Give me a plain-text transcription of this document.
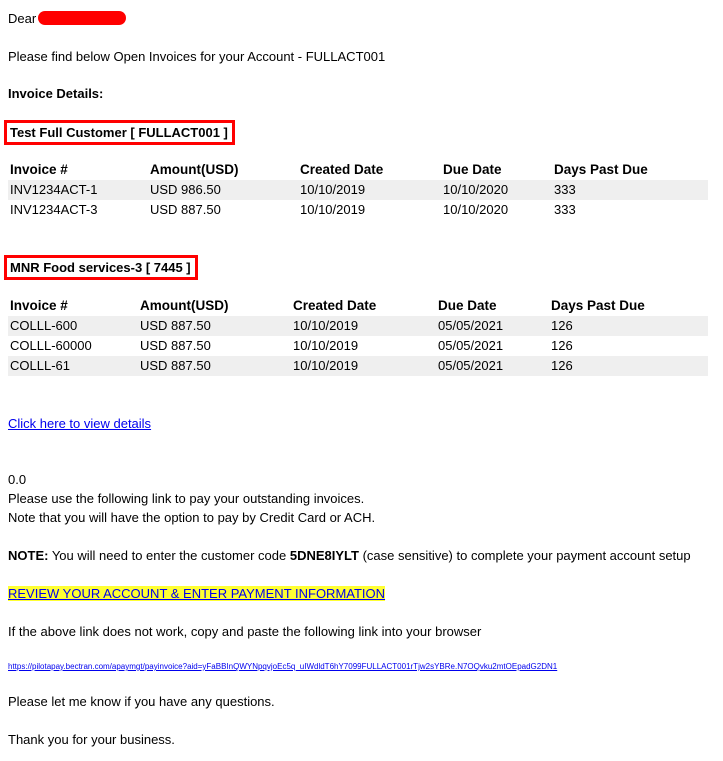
Dear
Please find below Open Invoices for your Account - FULLACT001
Invoice Details:
Test Full Customer [ FULLACT001 ]
Invoice #	Amount(USD)	Created Date	Due Date	Days Past Due
INV1234ACT-1	USD 986.50	10/10/2019	10/10/2020	333
INV1234ACT-3	USD 887.50	10/10/2019	10/10/2020	333
MNR Food services-3 [ 7445 ]
Invoice #	Amount(USD)	Created Date	Due Date	Days Past Due
COLLL-600	USD 887.50	10/10/2019	05/05/2021	126
COLLL-60000	USD 887.50	10/10/2019	05/05/2021	126
COLLL-61	USD 887.50	10/10/2019	05/05/2021	126
Click here to view details
0.0
Please use the following link to pay your outstanding invoices.
Note that you will have the option to pay by Credit Card or ACH.
NOTE: You will need to enter the customer code 5DNE8IYLT (case sensitive) to complete your payment account setup
REVIEW YOUR ACCOUNT & ENTER PAYMENT INFORMATION
If the above link does not work, copy and paste the following link into your browser
https://pilotapay.bectran.com/apaymgt/payinvoice?aid=yFaBBInQWYNpqvjoEc5q_uIWdldT6hY7099FULLACT001rTjw2sYBRe.N7OQvku2mtOEpadG2DN1
Please let me know if you have any questions.
Thank you for your business.
